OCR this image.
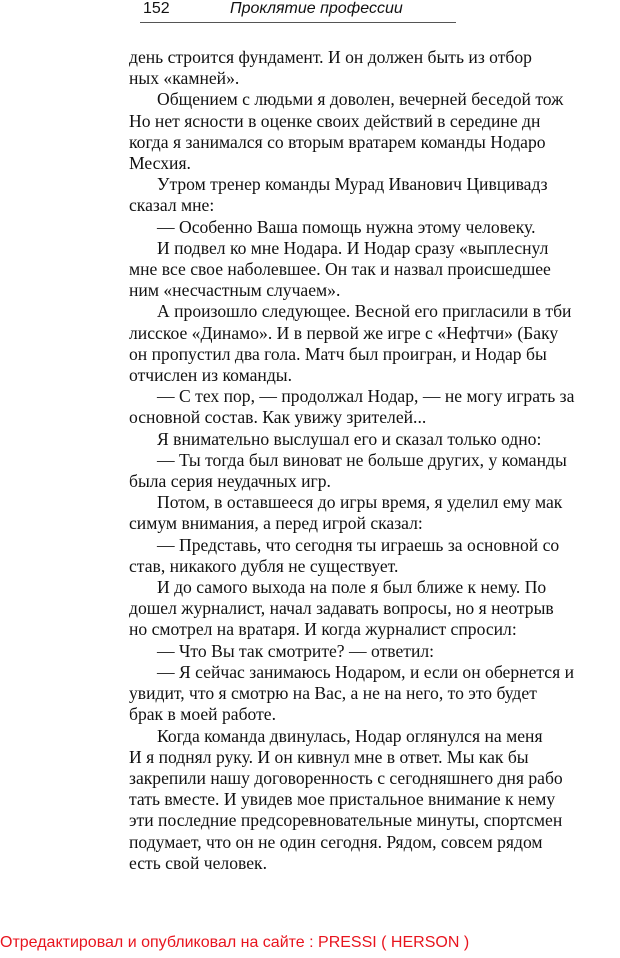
152	Проклятие профессии
день строится фундамент. И он должен быть из отбор
ных «камней».
Общением с людьми я доволен, вечерней беседой тож
Но нет ясности в оценке своих действий в середине дн
когда я занимался со вторым вратарем команды Нодаро
Месхия.
Утром тренер команды Мурад Иванович Цивцивадз
сказал мне:
— Особенно Ваша помощь нужна этому человеку.
И подвел ко мне Нодара. И Нодар сразу «выплеснул
мне все свое наболевшее. Он так и назвал происшедшее
ним «несчастным случаем».
А произошло следующее. Весной его пригласили в тби
лисское «Динамо». И в первой же игре с «Нефтчи» (Баку
он пропустил два гола. Матч был проигран, и Нодар бы
отчислен из команды.
— С тех пор, — продолжал Нодар, — не могу играть за
основной состав. Как увижу зрителей...
Я внимательно выслушал его и сказал только одно:
— Ты тогда был виноват не больше других, у команды
была серия неудачных игр.
Потом, в оставшееся до игры время, я уделил ему мак
симум внимания, а перед игрой сказал:
— Представь, что сегодня ты играешь за основной со
став, никакого дубля не существует.
И до самого выхода на поле я был ближе к нему. По
дошел журналист, начал задавать вопросы, но я неотрыв
но смотрел на вратаря. И когда журналист спросил:
— Что Вы так смотрите? — ответил:
— Я сейчас занимаюсь Нодаром, и если он обернется и
увидит, что я смотрю на Вас, а не на него, то это будет
брак в моей работе.
Когда команда двинулась, Нодар оглянулся на меня
И я поднял руку. И он кивнул мне в ответ. Мы как бы
закрепили нашу договоренность с сегодняшнего дня рабо
тать вместе. И увидев мое пристальное внимание к нему
эти последние предсоревновательные минуты, спортсмен
подумает, что он не один сегодня. Рядом, совсем рядом
есть свой человек.
Отредактировал и опубликовал на сайте : PRESSI ( HERSON )
